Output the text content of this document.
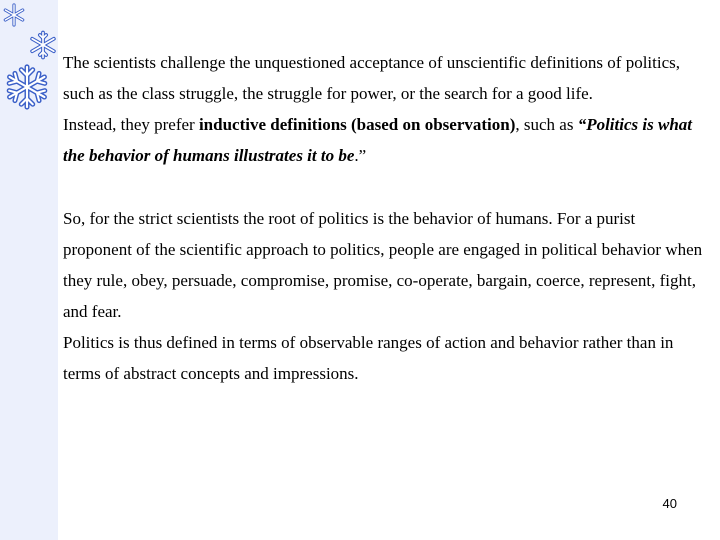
The scientists challenge the unquestioned acceptance of unscientific definitions of politics, such as the class struggle, the struggle for power, or the search for a good life.

Instead, they prefer inductive definitions (based on observation), such as “Politics is what the behavior of humans illustrates it to be.”

So, for the strict scientists the root of politics is the behavior of humans. For a purist proponent of the scientific approach to politics, people are engaged in political behavior when they rule, obey, persuade, compromise, promise, co-operate, bargain, coerce, represent, fight, and fear.

Politics is thus defined in terms of observable ranges of action and behavior rather than in terms of abstract concepts and impressions.

40
